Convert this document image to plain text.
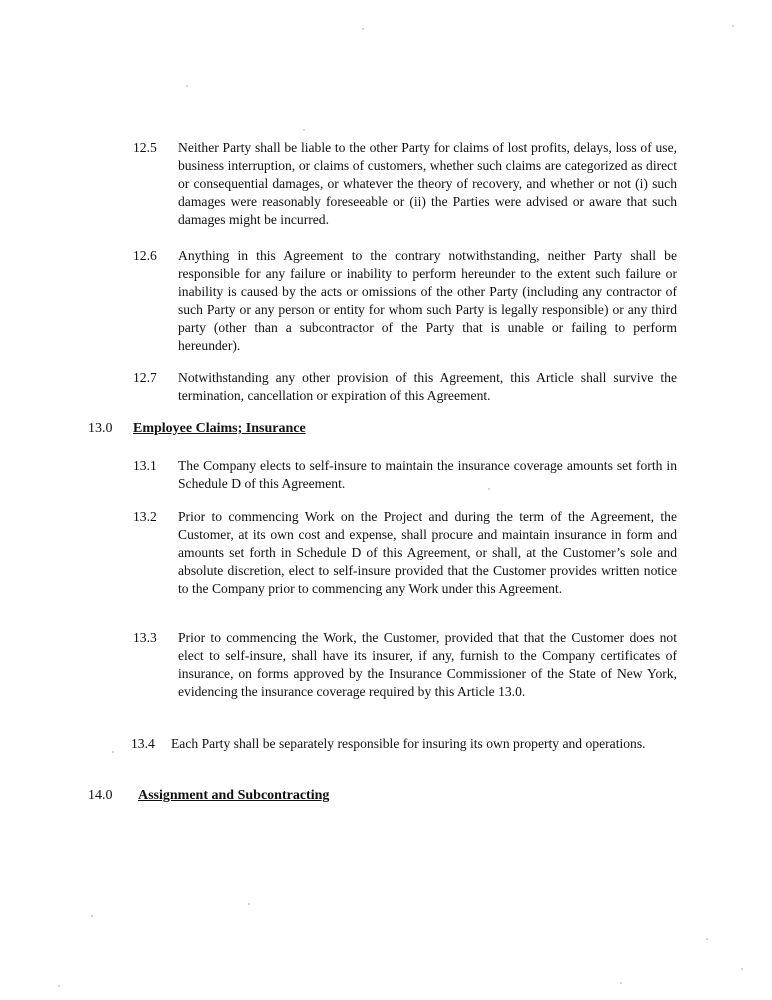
12.5 Neither Party shall be liable to the other Party for claims of lost profits, delays, loss of use, business interruption, or claims of customers, whether such claims are categorized as direct or consequential damages, or whatever the theory of recovery, and whether or not (i) such damages were reasonably foreseeable or (ii) the Parties were advised or aware that such damages might be incurred.
12.6 Anything in this Agreement to the contrary notwithstanding, neither Party shall be responsible for any failure or inability to perform hereunder to the extent such failure or inability is caused by the acts or omissions of the other Party (including any contractor of such Party or any person or entity for whom such Party is legally responsible) or any third party (other than a subcontractor of the Party that is unable or failing to perform hereunder).
12.7 Notwithstanding any other provision of this Agreement, this Article shall survive the termination, cancellation or expiration of this Agreement.
13.0 Employee Claims; Insurance
13.1 The Company elects to self-insure to maintain the insurance coverage amounts set forth in Schedule D of this Agreement.
13.2 Prior to commencing Work on the Project and during the term of the Agreement, the Customer, at its own cost and expense, shall procure and maintain insurance in form and amounts set forth in Schedule D of this Agreement, or shall, at the Customer’s sole and absolute discretion, elect to self-insure provided that the Customer provides written notice to the Company prior to commencing any Work under this Agreement.
13.3 Prior to commencing the Work, the Customer, provided that that the Customer does not elect to self-insure, shall have its insurer, if any, furnish to the Company certificates of insurance, on forms approved by the Insurance Commissioner of the State of New York, evidencing the insurance coverage required by this Article 13.0.
13.4 Each Party shall be separately responsible for insuring its own property and operations.
14.0 Assignment and Subcontracting
